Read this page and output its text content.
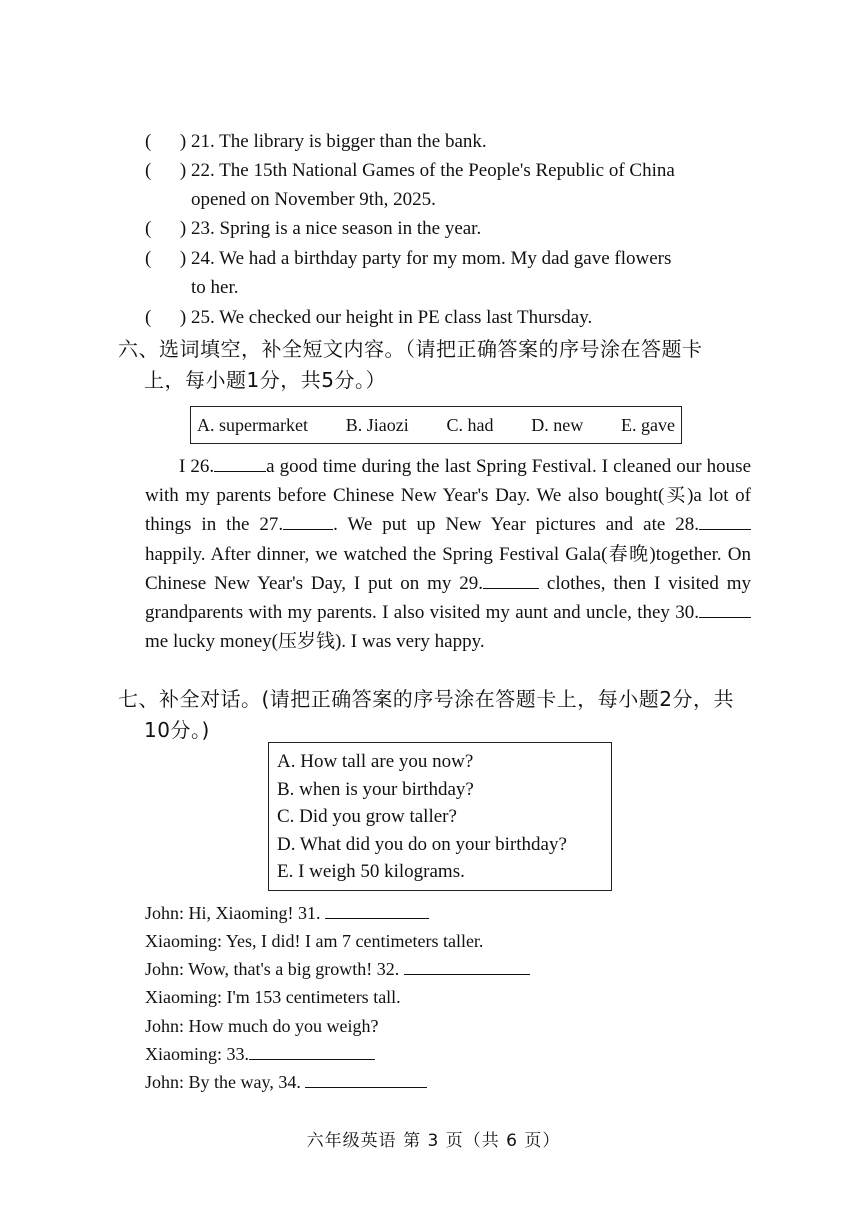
( ) 21. The library is bigger than the bank.
( ) 22. The 15th National Games of the People's Republic of China
opened on November 9th, 2025.
( ) 23. Spring is a nice season in the year.
( ) 24. We had a birthday party for my mom. My dad gave flowers
to her.
( ) 25. We checked our height in PE class last Thursday.
六、选词填空，补全短文内容。（请把正确答案的序号涂在答题卡
上，每小题1分，共5分。）
A. supermarket B. Jiaozi C. had D. new E. gave
I 26.	a good time during the last Spring Festival. I cleaned our house with my parents before Chinese New Year's Day. We also bought(买)a lot of things in the 27.	. We put up New Year pictures and ate 28. happily. After dinner, we watched the Spring Festival Gala(春晚)together. On Chinese New Year's Day, I put on my 29.	clothes, then I visited my grandparents with my parents. I also visited my aunt and uncle, they 30. me lucky money(压岁钱). I was very happy.
七、补全对话。(请把正确答案的序号涂在答题卡上，每小题2分，共
10分。)
A. How tall are you now?
B. when is your birthday?
C. Did you grow taller?
D. What did you do on your birthday?
E. I weigh 50 kilograms.
John: Hi, Xiaoming! 31.
Xiaoming: Yes, I did! I am 7 centimeters taller.
John: Wow, that's a big growth! 32.
Xiaoming: I'm 153 centimeters tall.
John: How much do you weigh?
Xiaoming: 33.
John: By the way, 34.
六年级英语 第 3 页（共 6 页）
